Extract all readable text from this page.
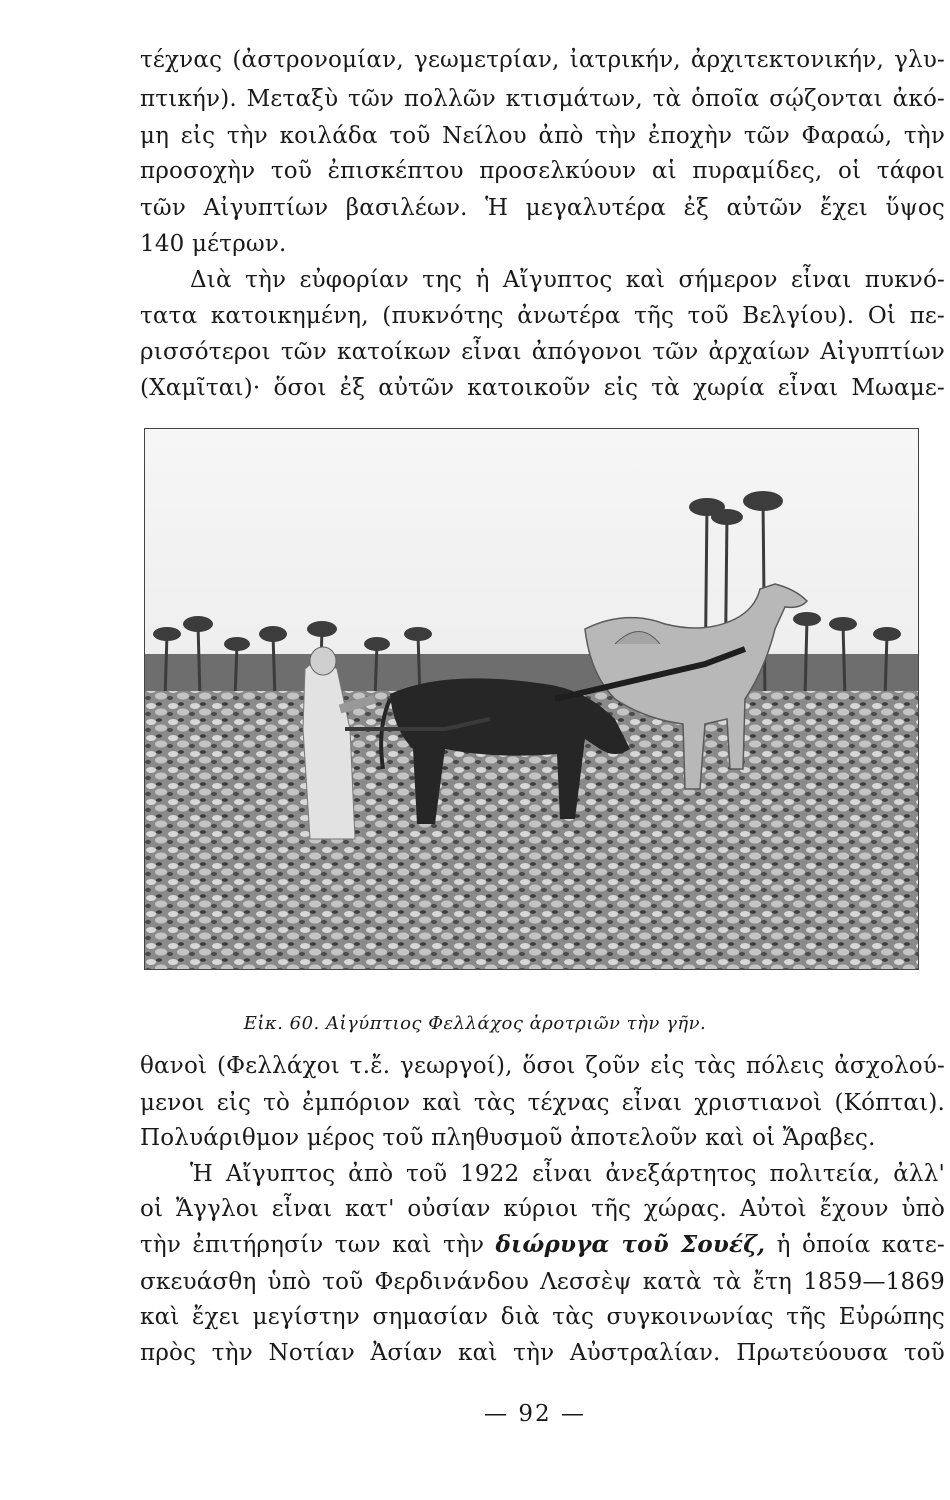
τέχνας (ἀστρονομίαν, γεωμετρίαν, ἰατρικήν, ἀρχιτεκτονικήν, γλυ-
πτικήν). Μεταξὺ τῶν πολλῶν κτισμάτων, τὰ ὁποῖα σῴζονται ἀκό-
μη εἰς τὴν κοιλάδα τοῦ Νείλου ἀπὸ τὴν ἐποχὴν τῶν Φαραώ, τὴν
προσοχὴν τοῦ ἐπισκέπτου προσελκύουν αἱ πυραμίδες, οἱ τάφοι
τῶν Αἰγυπτίων βασιλέων. Ἡ μεγαλυτέρα ἐξ αὐτῶν ἔχει ὕψος
140 μέτρων.
Διὰ τὴν εὐφορίαν της ἡ Αἴγυπτος καὶ σήμερον εἶναι πυκνό-
τατα κατοικημένη, (πυκνότης ἀνωτέρα τῆς τοῦ Βελγίου). Οἱ πε-
ρισσότεροι τῶν κατοίκων εἶναι ἀπόγονοι τῶν ἀρχαίων Αἰγυπτίων
(Χαμῖται)· ὅσοι ἐξ αὐτῶν κατοικοῦν εἰς τὰ χωρία εἶναι Μωαμε-
Εἰκ. 60. Αἰγύπτιος Φελλάχος ἀροτριῶν τὴν γῆν.
θανοὶ (Φελλάχοι τ.ἔ. γεωργοί), ὅσοι ζοῦν εἰς τὰς πόλεις ἀσχολού-
μενοι εἰς τὸ ἐμπόριον καὶ τὰς τέχνας εἶναι χριστιανοὶ (Κόπται).
Πολυάριθμον μέρος τοῦ πληθυσμοῦ ἀποτελοῦν καὶ οἱ Ἄραβες.
Ἡ Αἴγυπτος ἀπὸ τοῦ 1922 εἶναι ἀνεξάρτητος πολιτεία, ἀλλ'
οἱ Ἄγγλοι εἶναι κατ' οὐσίαν κύριοι τῆς χώρας. Αὐτοὶ ἔχουν ὑπὸ
τὴν ἐπιτήρησίν των καὶ τὴν διώρυγα τοῦ Σουέζ, ἡ ὁποία κατε-
σκευάσθη ὑπὸ τοῦ Φερδινάνδου Λεσσὲψ κατὰ τὰ ἔτη 1859—1869
καὶ ἔχει μεγίστην σημασίαν διὰ τὰς συγκοινωνίας τῆς Εὐρώπης
πρὸς τὴν Νοτίαν Ἀσίαν καὶ τὴν Αὐστραλίαν. Πρωτεύουσα τοῦ
— 92 —
